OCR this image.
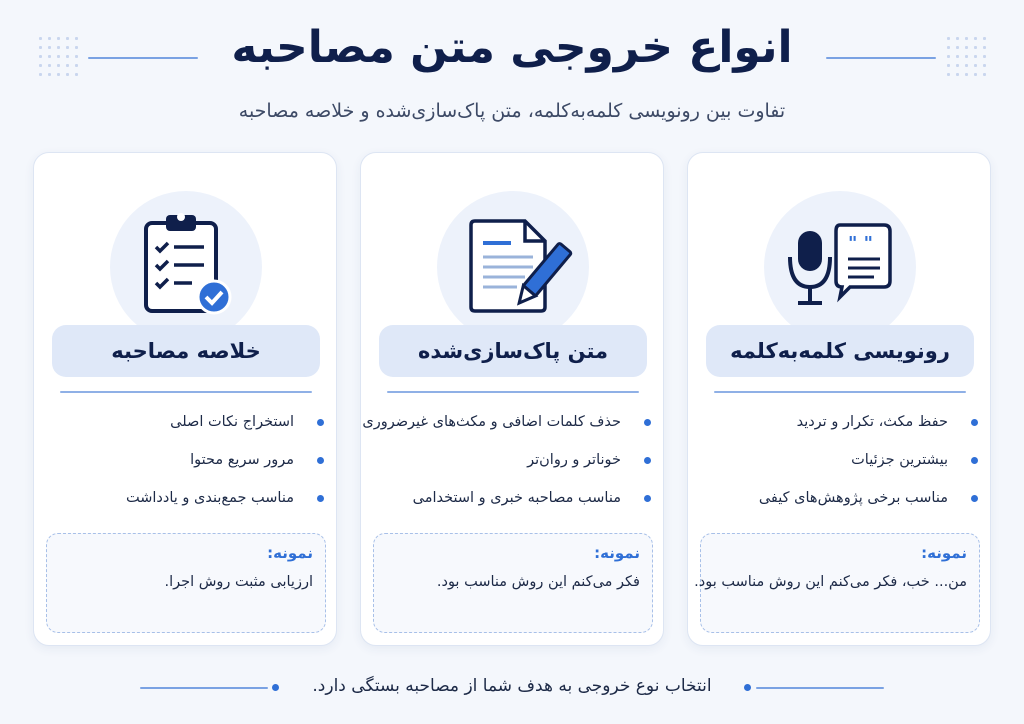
انواع خروجی متن مصاحبه
تفاوت بین رونویسی کلمه‌به‌کلمه، متن پاک‌سازی‌شده و خلاصه مصاحبه
" "
رونویسی کلمه‌به‌کلمه
حفظ مکث، تکرار و تردید
بیشترین جزئیات
مناسب برخی پژوهش‌های کیفی
نمونه:
من... خب، فکر می‌کنم این روش مناسب بود.
متن پاک‌سازی‌شده
حذف کلمات اضافی و مکث‌های غیرضروری
خوناتر و روان‌تر
مناسب مصاحبه خبری و استخدامی
نمونه:
فکر می‌کنم این روش مناسب بود.
خلاصه مصاحبه
استخراج نکات اصلی
مرور سریع محتوا
مناسب جمع‌بندی و یادداشت
نمونه:
ارزیابی مثبت روش اجرا.
انتخاب نوع خروجی به هدف شما از مصاحبه بستگی دارد.
